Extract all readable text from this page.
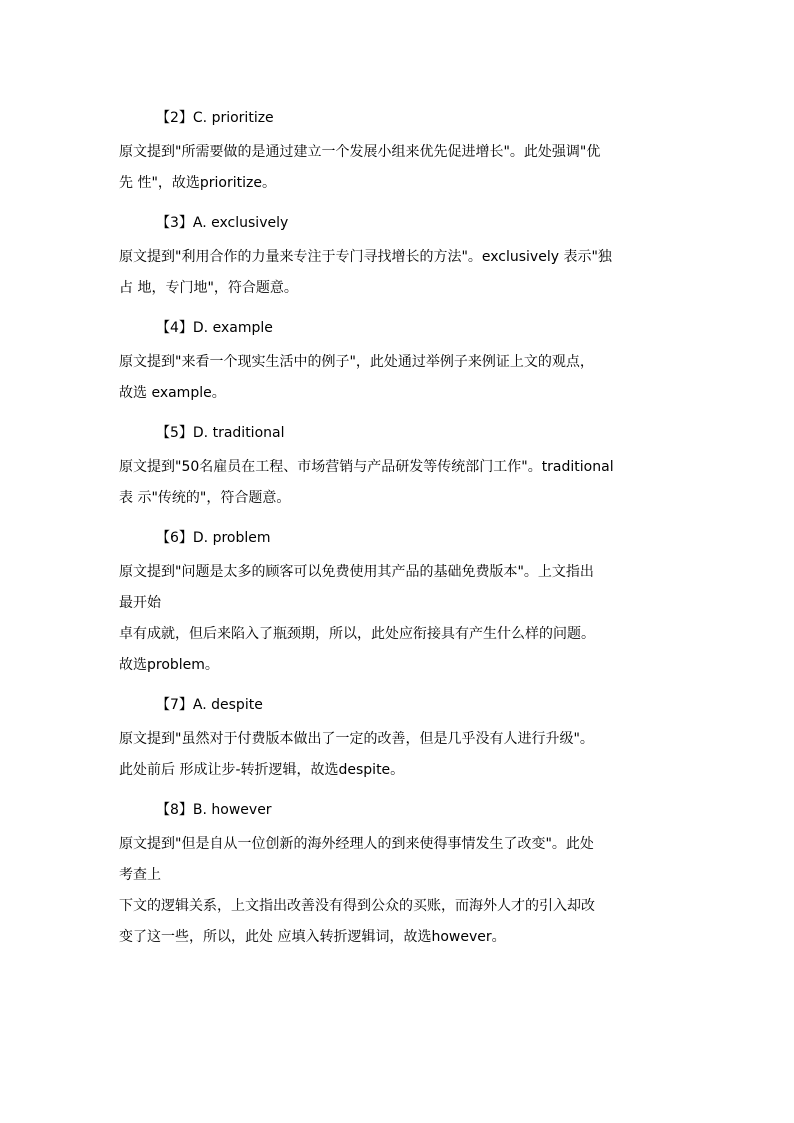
【2】C. prioritize

原文提到"所需要做的是通过建立一个发展小组来优先促进增长"。此处强调"优

先 性"，故选prioritize。

【3】A. exclusively

原文提到"利用合作的力量来专注于专门寻找增长的方法"。exclusively 表示"独

占 地，专门地"，符合题意。

【4】D. example

原文提到"来看一个现实生活中的例子"，此处通过举例子来例证上文的观点，

故选 example。

【5】D. traditional

原文提到"50名雇员在工程、市场营销与产品研发等传统部门工作"。traditional

表 示"传统的"，符合题意。

【6】D. problem

原文提到"问题是太多的顾客可以免费使用其产品的基础免费版本"。上文指出

最开始

卓有成就，但后来陷入了瓶颈期，所以，此处应衔接具有产生什么样的问题。

故选problem。

【7】A. despite

原文提到"虽然对于付费版本做出了一定的改善，但是几乎没有人进行升级"。

此处前后 形成让步-转折逻辑，故选despite。

【8】B. however

原文提到"但是自从一位创新的海外经理人的到来使得事情发生了改变"。此处

考查上

下文的逻辑关系，上文指出改善没有得到公众的买账，而海外人才的引入却改

变了这一些，所以，此处 应填入转折逻辑词，故选however。
